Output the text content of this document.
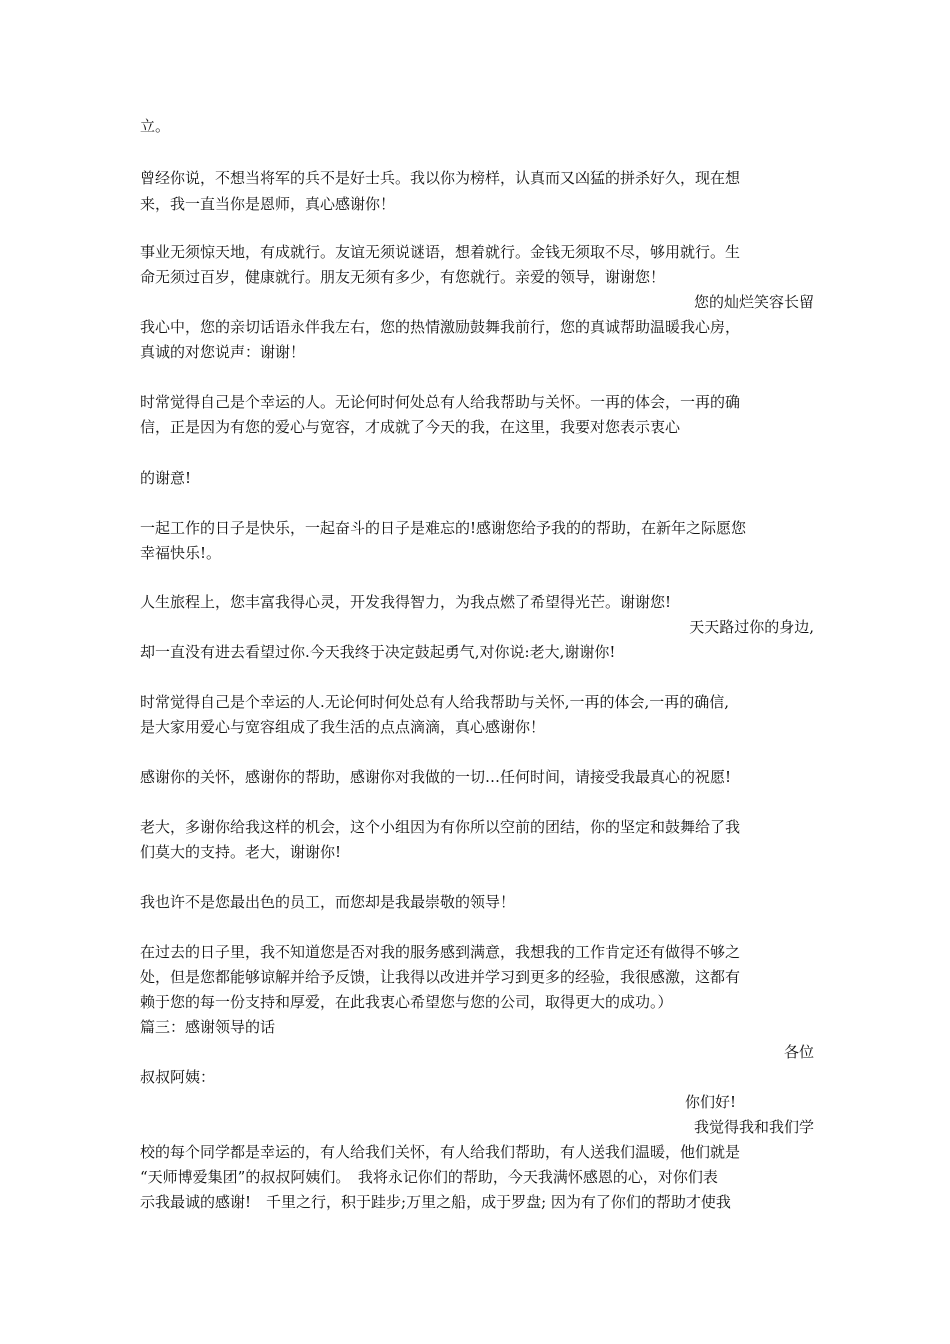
立。
曾经你说，不想当将军的兵不是好士兵。我以你为榜样，认真而又凶猛的拼杀好久，现在想
来，我一直当你是恩师，真心感谢你！
事业无须惊天地，有成就行。友谊无须说谜语，想着就行。金钱无须取不尽，够用就行。生
命无须过百岁，健康就行。朋友无须有多少，有您就行。亲爱的领导，谢谢您！
您的灿烂笑容长留
我心中，您的亲切话语永伴我左右，您的热情激励鼓舞我前行，您的真诚帮助温暖我心房，
真诚的对您说声：谢谢！
时常觉得自己是个幸运的人。无论何时何处总有人给我帮助与关怀。一再的体会，一再的确
信，正是因为有您的爱心与宽容，才成就了今天的我，在这里，我要对您表示衷心
的谢意!
一起工作的日子是快乐，一起奋斗的日子是难忘的!感谢您给予我的的帮助，在新年之际愿您
幸福快乐!。
人生旅程上，您丰富我得心灵，开发我得智力，为我点燃了希望得光芒。谢谢您!
天天路过你的身边,
却一直没有进去看望过你.今天我终于决定鼓起勇气,对你说:老大,谢谢你!
时常觉得自己是个幸运的人.无论何时何处总有人给我帮助与关怀,一再的体会,一再的确信,
是大家用爱心与宽容组成了我生活的点点滴滴，真心感谢你！
感谢你的关怀，感谢你的帮助，感谢你对我做的一切…任何时间，请接受我最真心的祝愿!
老大，多谢你给我这样的机会，这个小组因为有你所以空前的团结，你的坚定和鼓舞给了我
们莫大的支持。老大，谢谢你!
我也许不是您最出色的员工，而您却是我最崇敬的领导！
在过去的日子里，我不知道您是否对我的服务感到满意，我想我的工作肯定还有做得不够之
处，但是您都能够谅解并给予反馈，让我得以改进并学习到更多的经验，我很感激，这都有
赖于您的每一份支持和厚爱，在此我衷心希望您与您的公司，取得更大的成功。）
篇三：感谢领导的话
各位
叔叔阿姨：
你们好!
我觉得我和我们学
校的每个同学都是幸运的，有人给我们关怀，有人给我们帮助，有人送我们温暖，他们就是
“天师博爱集团”的叔叔阿姨们。　我将永记你们的帮助，今天我满怀感恩的心，对你们表
示我最诚的感谢!　千里之行，积于跬步;万里之船，成于罗盘; 因为有了你们的帮助才使我
